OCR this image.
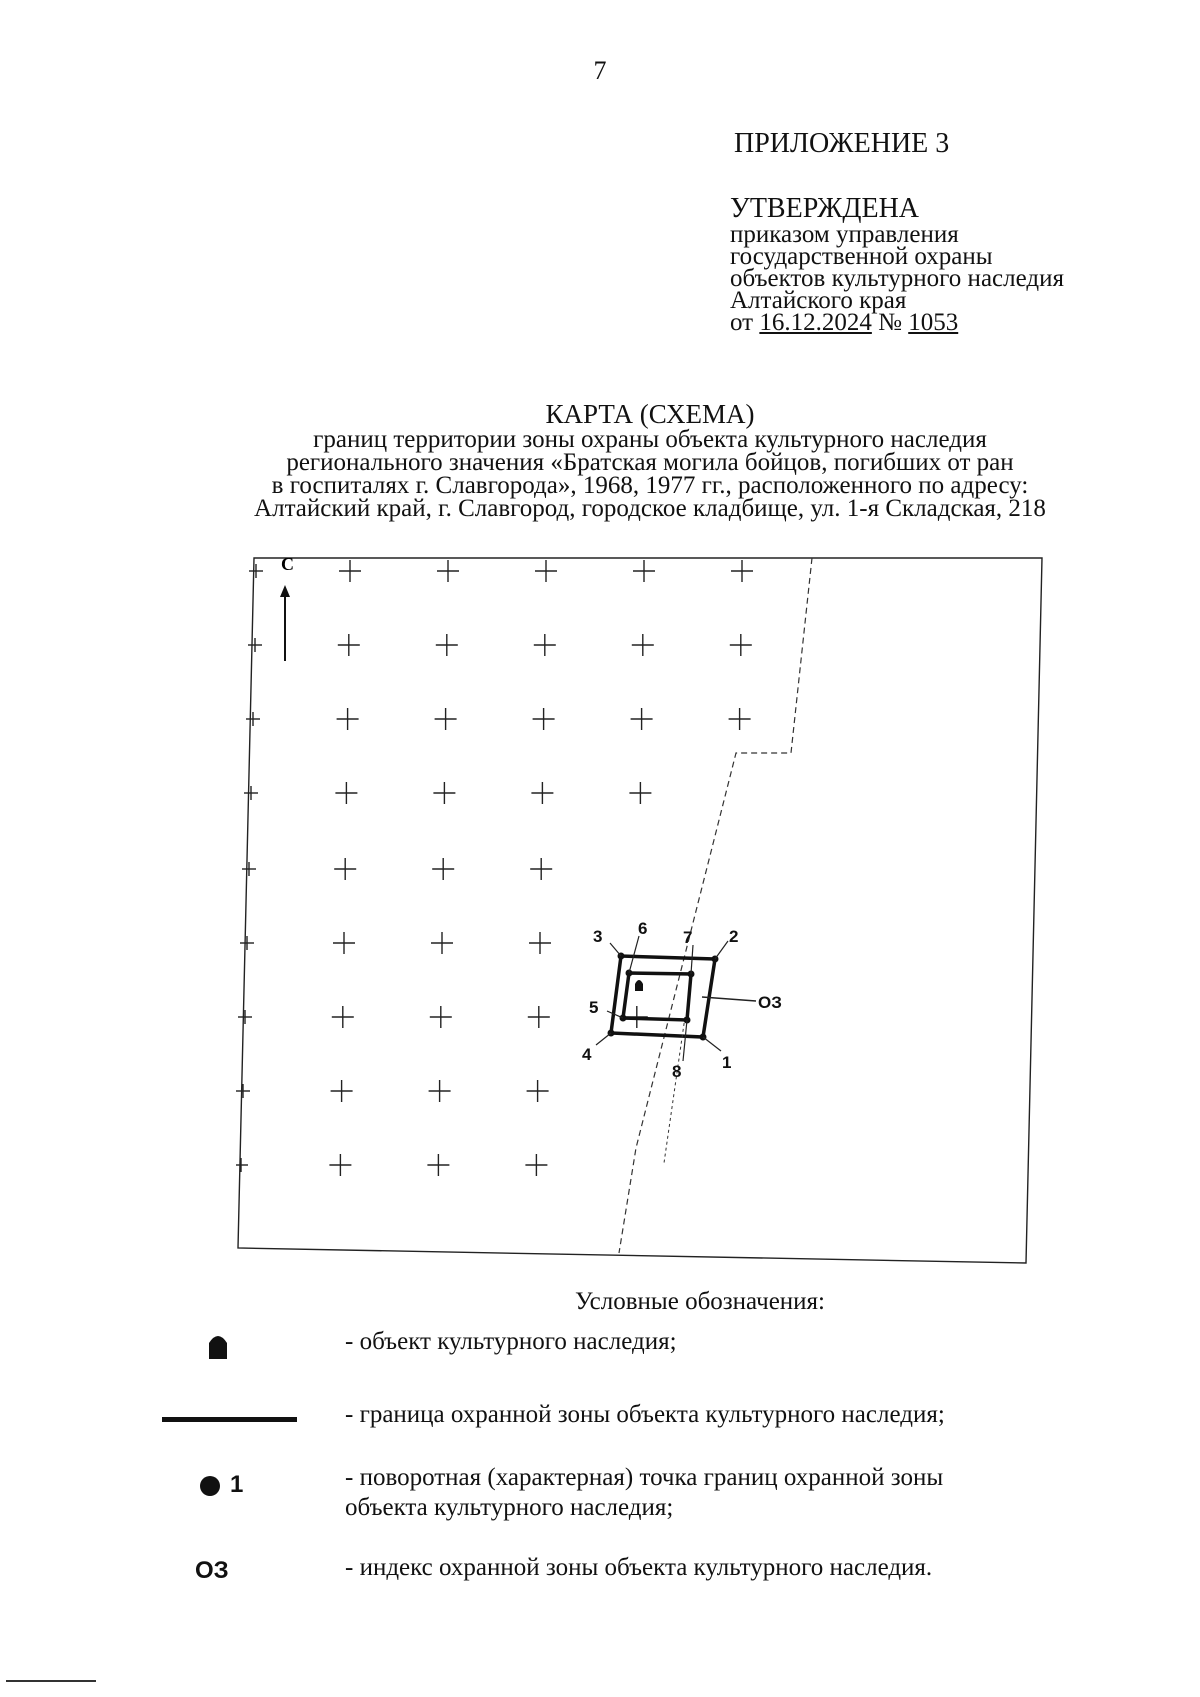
7
ПРИЛОЖЕНИЕ 3
УТВЕРЖДЕНА
приказом управления
государственной охраны
объектов культурного наследия
Алтайского края
от 16.12.2024 № 1053
КАРТА (СХЕМА)
границ территории зоны охраны объекта культурного наследия
регионального значения «Братская могила бойцов, погибших от ран
в госпиталях г. Славгорода», 1968, 1977 гг., расположенного по адресу:
Алтайский край, г. Славгород, городское кладбище, ул. 1-я Складская, 218
С
1
2
3
4
5
6 7
8
ОЗ
Условные обозначения:
- объект культурного наследия;
- граница охранной зоны объекта культурного наследия;
1	- поворотная (характерная) точка границ охранной зоны
объекта культурного наследия;
ОЗ	- индекс охранной зоны объекта культурного наследия.
